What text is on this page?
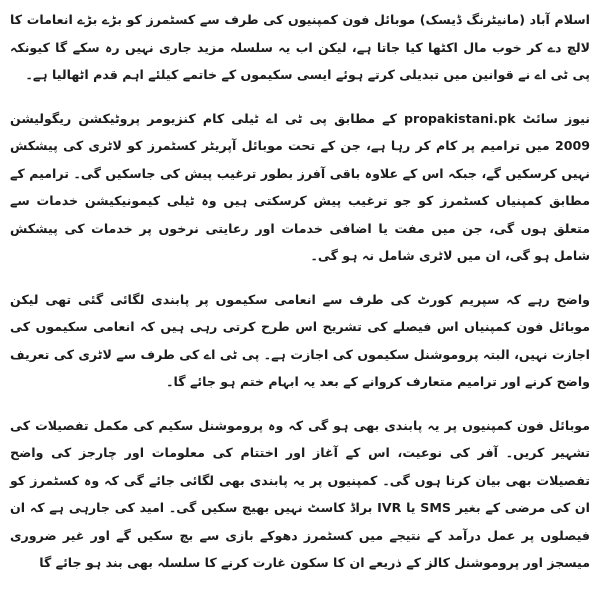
اسلام آباد (مانیٹرنگ ڈیسک) موبائل فون کمپنیوں کی طرف سے کسٹمرز کو بڑے بڑے انعامات کا لالچ دے کر خوب مال اکٹھا کیا جاتا ہے، لیکن اب یہ سلسلہ مزید جاری نہیں رہ سکے گا کیونکہ پی ٹی اے نے قوانین میں تبدیلی کرتے ہوئے ایسی سکیموں کے خاتمے کیلئے اہم قدم اٹھالیا ہے۔

نیوز سائٹ propakistani.pk کے مطابق پی ٹی اے ٹیلی کام کنزیومر پروٹیکشن ریگولیشن 2009 میں ترامیم پر کام کر رہا ہے، جن کے تحت موبائل آپریٹر کسٹمرز کو لاٹری کی پیشکش نہیں کرسکیں گے، جبکہ اس کے علاوہ باقی آفرز بطور ترغیب پیش کی جاسکیں گی۔ ترامیم کے مطابق کمپنیاں کسٹمرز کو جو ترغیب پیش کرسکتی ہیں وہ ٹیلی کیمونیکیشن خدمات سے متعلق ہوں گی، جن میں مفت یا اضافی خدمات اور رعایتی نرخوں پر خدمات کی پیشکش شامل ہو گی، ان میں لاٹری شامل نہ ہو گی۔

واضح رہے کہ سپریم کورٹ کی طرف سے انعامی سکیموں پر پابندی لگائی گئی تھی لیکن موبائل فون کمپنیاں اس فیصلے کی تشریح اس طرح کرتی رہی ہیں کہ انعامی سکیموں کی اجازت نہیں، البتہ پروموشنل سکیموں کی اجازت ہے۔ پی ٹی اے کی طرف سے لاٹری کی تعریف واضح کرنے اور ترامیم متعارف کروانے کے بعد یہ ابہام ختم ہو جائے گا۔

موبائل فون کمپنیوں پر یہ پابندی بھی ہو گی کہ وہ پروموشنل سکیم کی مکمل تفصیلات کی تشہیر کریں۔ آفر کی نوعیت، اس کے آغاز اور اختتام کی معلومات اور چارجز کی واضح تفصیلات بھی بیان کرنا ہوں گی۔ کمپنیوں پر یہ پابندی بھی لگائی جائے گی کہ وہ کسٹمرز کو ان کی مرضی کے بغیر SMS یا IVR براڈ کاسٹ نہیں بھیج سکیں گی۔ امید کی جارہی ہے کہ ان فیصلوں پر عمل درآمد کے نتیجے میں کسٹمرز دھوکے بازی سے بچ سکیں گے اور غیر ضروری میسجز اور پروموشنل کالز کے ذریعے ان کا سکون غارت کرنے کا سلسلہ بھی بند ہو جائے گا
